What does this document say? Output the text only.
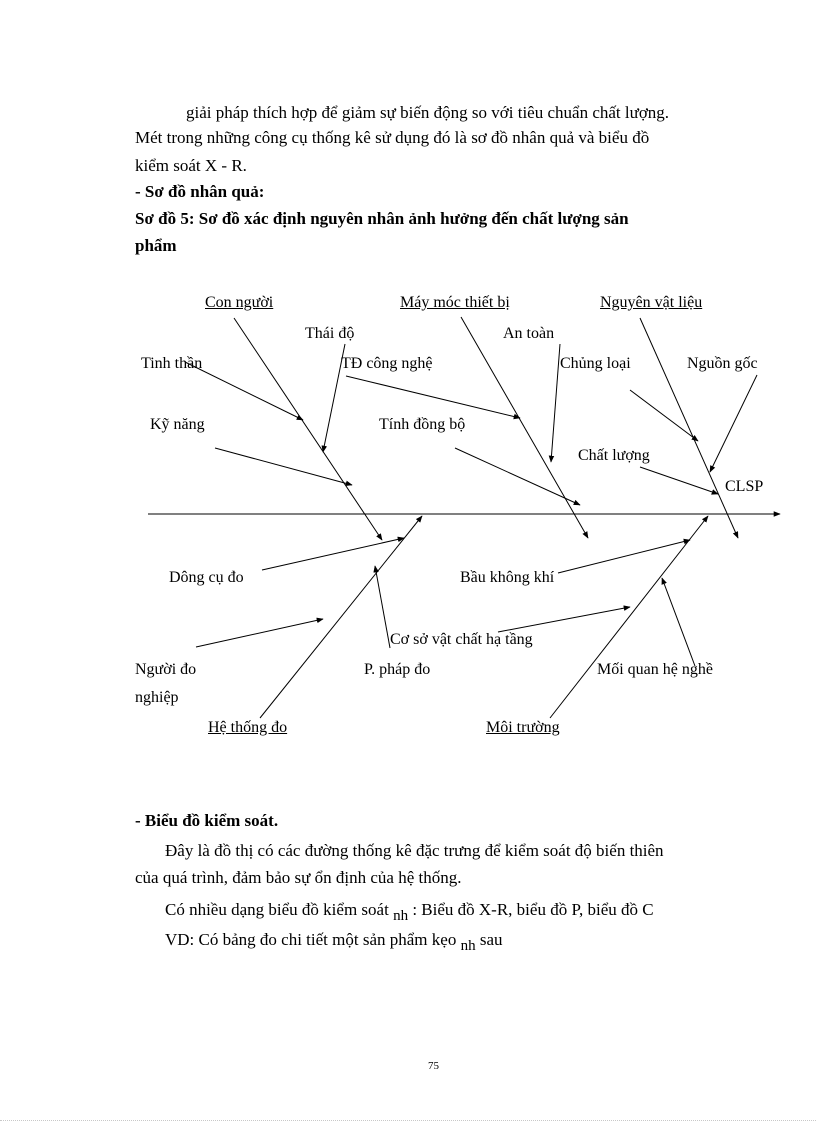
giải pháp thích hợp để giảm sự biến động so với tiêu chuẩn chất lượng.
Mét trong những công cụ thống kê sử dụng đó là sơ đồ nhân quả và biểu đồ
kiểm soát X - R.
- Sơ đồ nhân quả:
Sơ đồ 5: Sơ đồ xác định nguyên nhân ảnh hưởng đến chất lượng sản
phẩm
Con người	Máy móc thiết bị	Nguyên vật liệu
Thái độ
Tinh thần
Kỹ năng
An toàn
TĐ công nghệ
Tính đồng bộ
Chủng loại	Nguồn gốc
Chất lượng
CLSP
Dông cụ đo	Bầu không khí
Cơ sở vật chất hạ tầng
Người đo
nghiệp
P. pháp đo	Mối quan hệ nghề
Hệ thống đo	Môi trường
- Biểu đồ kiểm soát.
Đây là đồ thị có các đường thống kê đặc trưng để kiểm soát độ biến thiên
của quá trình, đảm bảo sự ổn định của hệ thống.
Có nhiều dạng biểu đồ kiểm soát nh : Biểu đồ X-R, biểu đồ P, biểu đồ C
VD: Có bảng đo chi tiết một sản phẩm kẹo nh sau
75
